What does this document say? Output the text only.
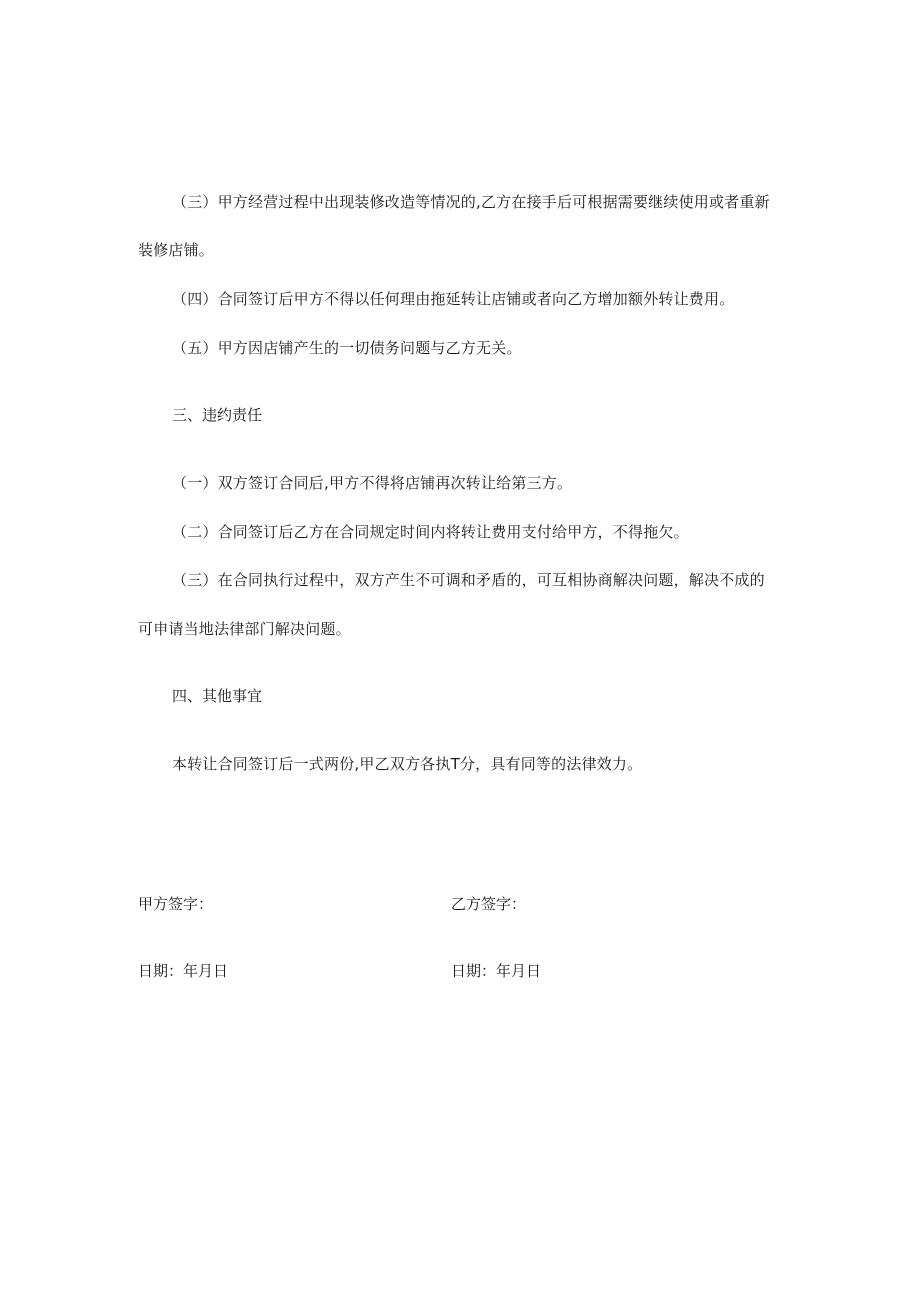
（三）甲方经营过程中出现装修改造等情况的,乙方在接手后可根据需要继续使用或者重新
装修店铺。
（四）合同签订后甲方不得以任何理由拖延转让店铺或者向乙方增加额外转让费用。
（五）甲方因店铺产生的一切债务问题与乙方无关。
三、违约责任
（一）双方签订合同后,甲方不得将店铺再次转让给第三方。
（二）合同签订后乙方在合同规定时间内将转让费用支付给甲方，不得拖欠。
（三）在合同执行过程中，双方产生不可调和矛盾的，可互相协商解决问题，解决不成的
可申请当地法律部门解决问题。
四、其他事宜
本转让合同签订后一式两份,甲乙双方各执T分，具有同等的法律效力。
甲方签字：	乙方签字：
日期：年月日	日期：年月日
